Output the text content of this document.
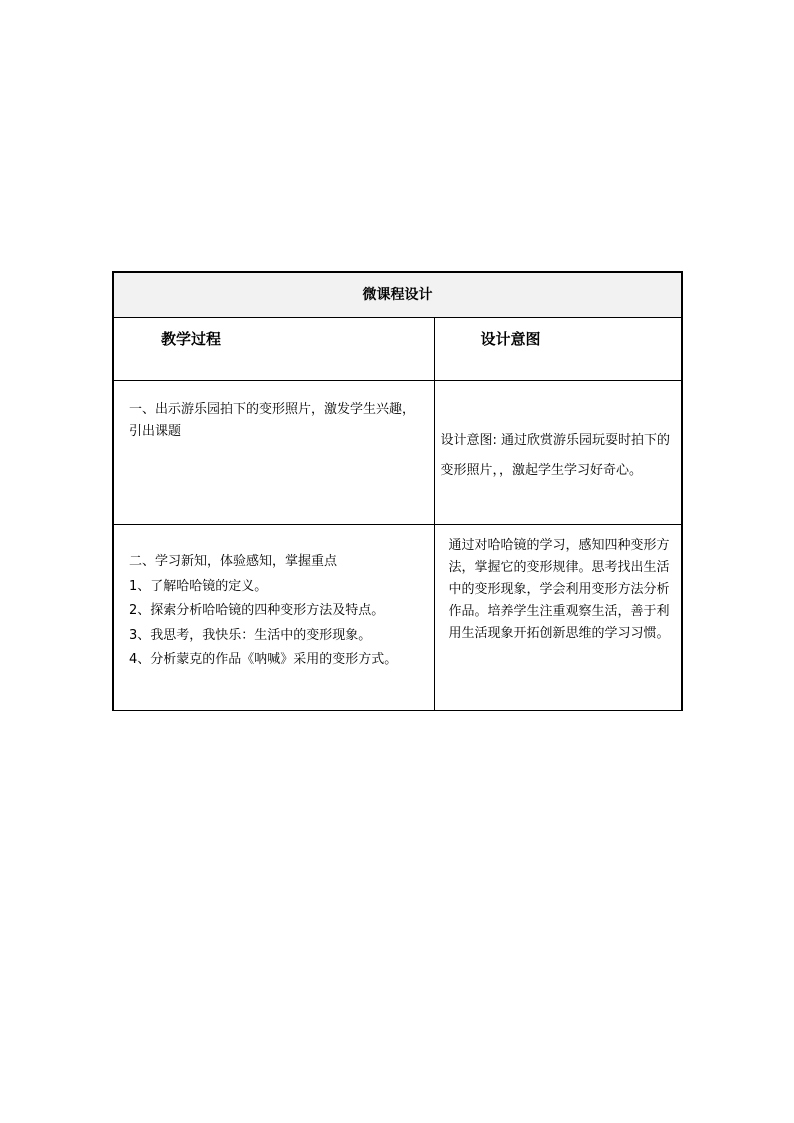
微课程设计	

教学过程	设计意图

一、出示游乐园拍下的变形照片，激发学生兴趣，引出课题	设计意图: 通过欣赏游乐园玩耍时拍下的变形照片，，激起学生学习好奇心。

二、学习新知，体验感知，掌握重点
1、了解哈哈镜的定义。
2、探索分析哈哈镜的四种变形方法及特点。
3、我思考，我快乐：生活中的变形现象。
4、分析蒙克的作品《呐喊》采用的变形方式。	通过对哈哈镜的学习，感知四种变形方法，掌握它的变形规律。思考找出生活中的变形现象，学会利用变形方法分析作品。培养学生注重观察生活，善于利用生活现象开拓创新思维的学习习惯。
